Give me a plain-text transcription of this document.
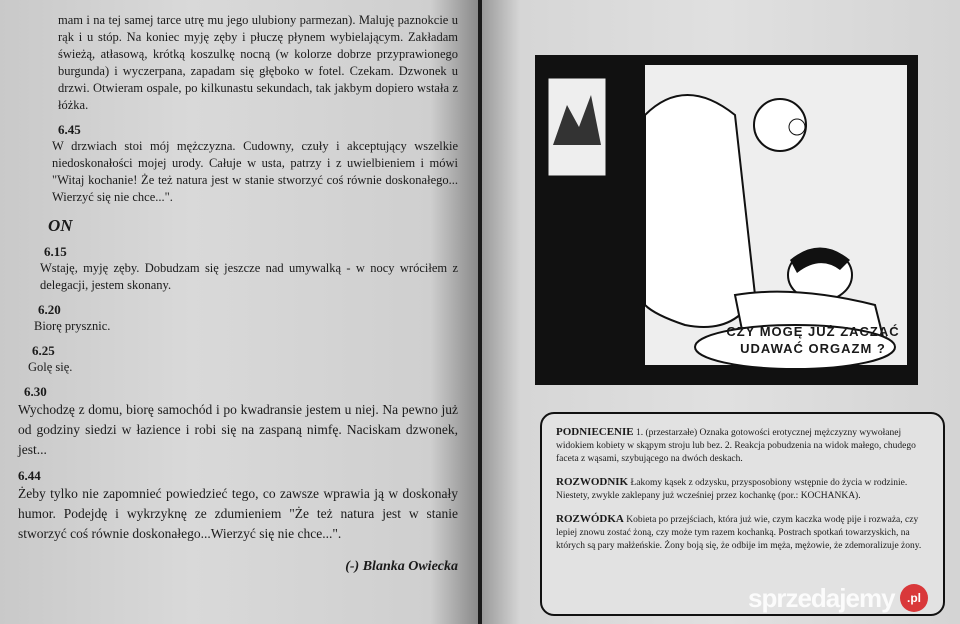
mam i na tej samej tarce utrę mu jego ulubiony parmezan). Maluję paznokcie u rąk i u stóp. Na koniec myję zęby i płuczę płynem wybielającym. Zakładam świeżą, atłasową, krótką koszulkę nocną (w kolorze dobrze przyprawionego burgunda) i wyczerpana, zapadam się głęboko w fotel. Czekam. Dzwonek u drzwi. Otwieram ospale, po kilkunastu sekundach, tak jakbym dopiero wstała z łóżka.
6.45
W drzwiach stoi mój mężczyzna. Cudowny, czuły i akceptujący wszelkie niedoskonałości mojej urody. Całuje w usta, patrzy i z uwielbieniem i mówi "Witaj kochanie! Że też natura jest w stanie stworzyć coś równie doskonałego... Wierzyć się nie chce...".
ON
6.15
Wstaję, myję zęby. Dobudzam się jeszcze nad umywalką - w nocy wróciłem z delegacji, jestem skonany.
6.20
Biorę prysznic.
6.25
Golę się.
6.30
Wychodzę z domu, biorę samochód i po kwadransie jestem u niej. Na pewno już od godziny siedzi w łazience i robi się na zaspaną nimfę. Naciskam dzwonek, jest...
6.44
Żeby tylko nie zapomnieć powiedzieć tego, co zawsze wprawia ją w doskonały humor. Podejdę i wykrzyknę ze zdumieniem "Że też natura jest w stanie stworzyć coś równie doskonałego...Wierzyć się nie chce...".
(-) Blanka Owiecka
CZY MOGĘ JUŻ ZACZĄĆ
UDAWAĆ ORGAZM ?

PODNIECENIE 1. (przestarzałe) Oznaka gotowości erotycznej mężczyzny wywołanej widokiem kobiety w skąpym stroju lub bez. 2. Reakcja pobudzenia na widok małego, chudego faceta z wąsami, szybującego na dwóch deskach.

ROZWODNIK Łakomy kąsek z odzysku, przysposobiony wstępnie do życia w rodzinie. Niestety, zwykle zaklepany już wcześniej przez kochankę (por.: KOCHANKA).

ROZWÓDKA Kobieta po przejściach, która już wie, czym kaczka wodę pije i rozważa, czy lepiej znowu zostać żoną, czy może tym razem kochanką. Postrach spotkań towarzyskich, na których są pary małżeńskie. Żony boją się, że odbije im męża, mężowie, że zdemoralizuje żony.

sprzedajemy	.pl
